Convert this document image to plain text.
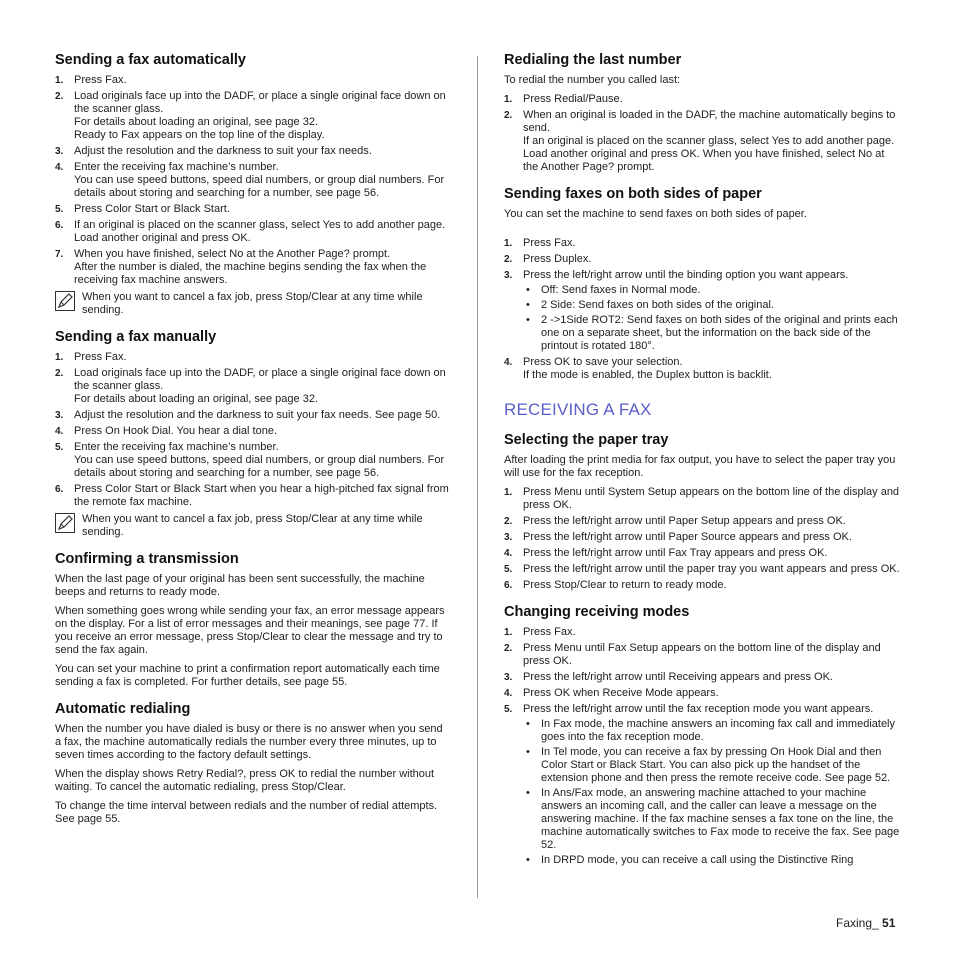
Sending a fax automatically
1. Press Fax.
2. Load originals face up into the DADF, or place a single original face down on the scanner glass.
For details about loading an original, see page 32.
Ready to Fax appears on the top line of the display.
3. Adjust the resolution and the darkness to suit your fax needs.
4. Enter the receiving fax machine’s number.
You can use speed buttons, speed dial numbers, or group dial numbers. For details about storing and searching for a number, see page 56.
5. Press Color Start or Black Start.
6. If an original is placed on the scanner glass, select Yes to add another page. Load another original and press OK.
7. When you have finished, select No at the Another Page? prompt.
After the number is dialed, the machine begins sending the fax when the receiving fax machine answers.
When you want to cancel a fax job, press Stop/Clear at any time while sending.
Sending a fax manually
1. Press Fax.
2. Load originals face up into the DADF, or place a single original face down on the scanner glass.
For details about loading an original, see page 32.
3. Adjust the resolution and the darkness to suit your fax needs. See page 50.
4. Press On Hook Dial. You hear a dial tone.
5. Enter the receiving fax machine’s number.
You can use speed buttons, speed dial numbers, or group dial numbers. For details about storing and searching for a number, see page 56.
6. Press Color Start or Black Start when you hear a high-pitched fax signal from the remote fax machine.
When you want to cancel a fax job, press Stop/Clear at any time while sending.
Confirming a transmission

When the last page of your original has been sent successfully, the machine beeps and returns to ready mode.

When something goes wrong while sending your fax, an error message appears on the display. For a list of error messages and their meanings, see page 77. If you receive an error message, press Stop/Clear to clear the message and try to send the fax again.

You can set your machine to print a confirmation report automatically each time sending a fax is completed. For further details, see page 55.

Automatic redialing

When the number you have dialed is busy or there is no answer when you send a fax, the machine automatically redials the number every three minutes, up to seven times according to the factory default settings.

When the display shows Retry Redial?, press OK to redial the number without waiting. To cancel the automatic redialing, press Stop/Clear.

To change the time interval between redials and the number of redial attempts. See page 55.

Redialing the last number

To redial the number you called last:

1. Press Redial/Pause.
2. When an original is loaded in the DADF, the machine automatically begins to send.
If an original is placed on the scanner glass, select Yes to add another page. Load another original and press OK. When you have finished, select No at the Another Page? prompt.
Sending faxes on both sides of paper

You can set the machine to send faxes on both sides of paper.

1. Press Fax.
2. Press Duplex.
3. Press the left/right arrow until the binding option you want appears.
• Off: Send faxes in Normal mode.
• 2 Side: Send faxes on both sides of the original.
• 2 ->1Side ROT2: Send faxes on both sides of the original and prints each one on a separate sheet, but the information on the back side of the printout is rotated 180°.
4. Press OK to save your selection.
If the mode is enabled, the Duplex button is backlit.
RECEIVING A FAX
Selecting the paper tray

After loading the print media for fax output, you have to select the paper tray you will use for the fax reception.

1. Press Menu until System Setup appears on the bottom line of the display and press OK.
2. Press the left/right arrow until Paper Setup appears and press OK.
3. Press the left/right arrow until Paper Source appears and press OK.
4. Press the left/right arrow until Fax Tray appears and press OK.
5. Press the left/right arrow until the paper tray you want appears and press OK.
6. Press Stop/Clear to return to ready mode.
Changing receiving modes
1. Press Fax.
2. Press Menu until Fax Setup appears on the bottom line of the display and press OK.
3. Press the left/right arrow until Receiving appears and press OK.
4. Press OK when Receive Mode appears.
5. Press the left/right arrow until the fax reception mode you want appears.
• In Fax mode, the machine answers an incoming fax call and immediately goes into the fax reception mode.
• In Tel mode, you can receive a fax by pressing On Hook Dial and then Color Start or Black Start. You can also pick up the handset of the extension phone and then press the remote receive code. See page 52.
• In Ans/Fax mode, an answering machine attached to your machine answers an incoming call, and the caller can leave a message on the answering machine. If the fax machine senses a fax tone on the line, the machine automatically switches to Fax mode to receive the fax. See page 52.
• In DRPD mode, you can receive a call using the Distinctive Ring
Faxing_ 51
